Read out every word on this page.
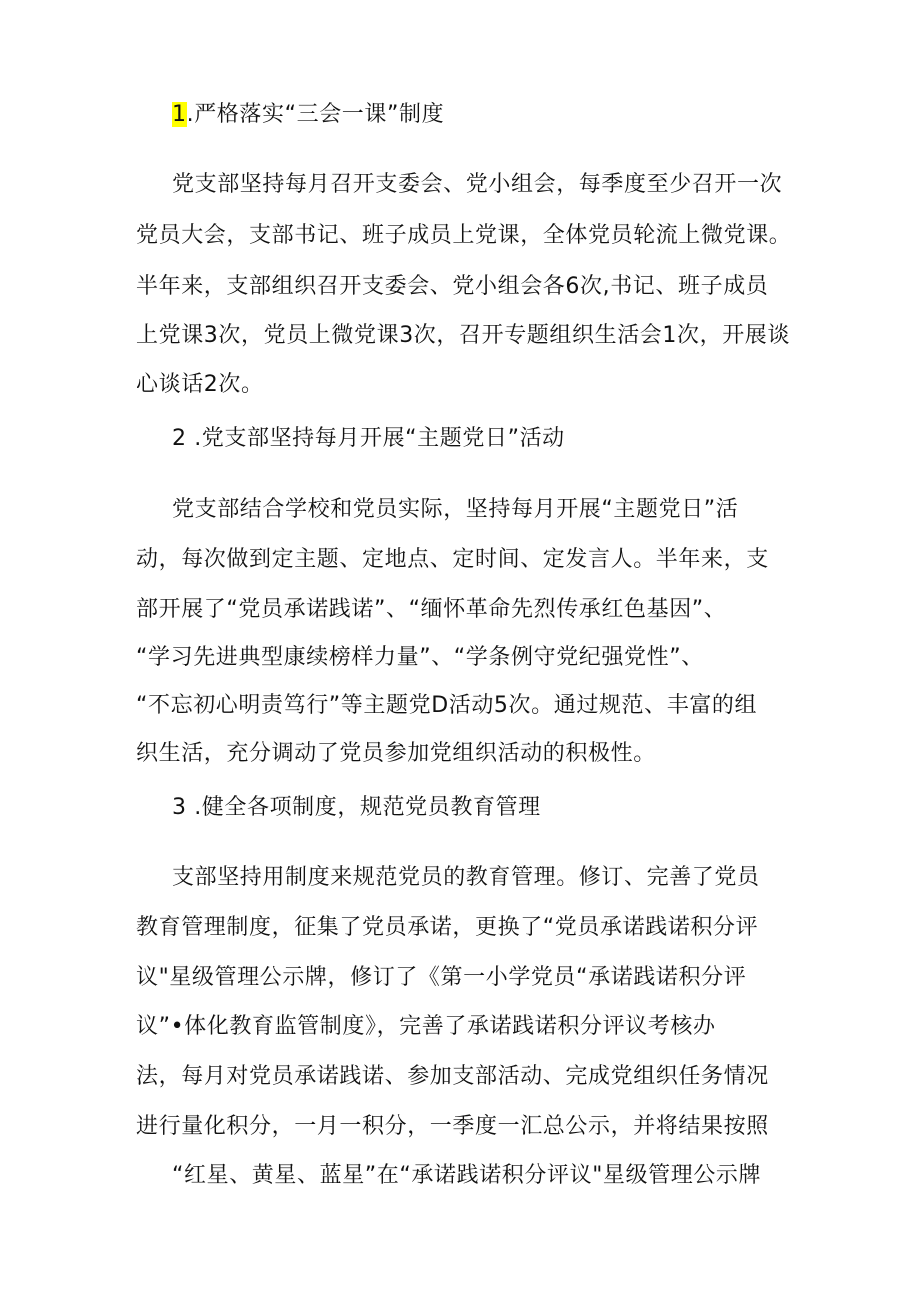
1.严格落实“三会一课”制度
党支部坚持每月召开支委会、党小组会，每季度至少召开一次
党员大会，支部书记、班子成员上党课，全体党员轮流上微党课。
半年来，支部组织召开支委会、党小组会各6次,书记、班子成员
上党课3次，党员上微党课3次，召开专题组织生活会1次，开展谈
心谈话2次。
2 .党支部坚持每月开展“主题党日”活动
党支部结合学校和党员实际，坚持每月开展“主题党日”活
动，每次做到定主题、定地点、定时间、定发言人。半年来，支
部开展了“党员承诺践诺”、“缅怀革命先烈传承红色基因”、
“学习先进典型康续榜样力量”、“学条例守党纪强党性”、
“不忘初心明责笃行”等主题党D活动5次。通过规范、丰富的组
织生活，充分调动了党员参加党组织活动的积极性。
3 .健全各项制度，规范党员教育管理
支部坚持用制度来规范党员的教育管理。修订、完善了党员
教育管理制度，征集了党员承诺，更换了“党员承诺践诺积分评
议"星级管理公示牌，修订了《第一小学党员“承诺践诺积分评
议”•体化教育监管制度》，完善了承诺践诺积分评议考核办
法，每月对党员承诺践诺、参加支部活动、完成党组织任务情况
进行量化积分，一月一积分，一季度一汇总公示，并将结果按照
“红星、黄星、蓝星”在“承诺践诺积分评议"星级管理公示牌
